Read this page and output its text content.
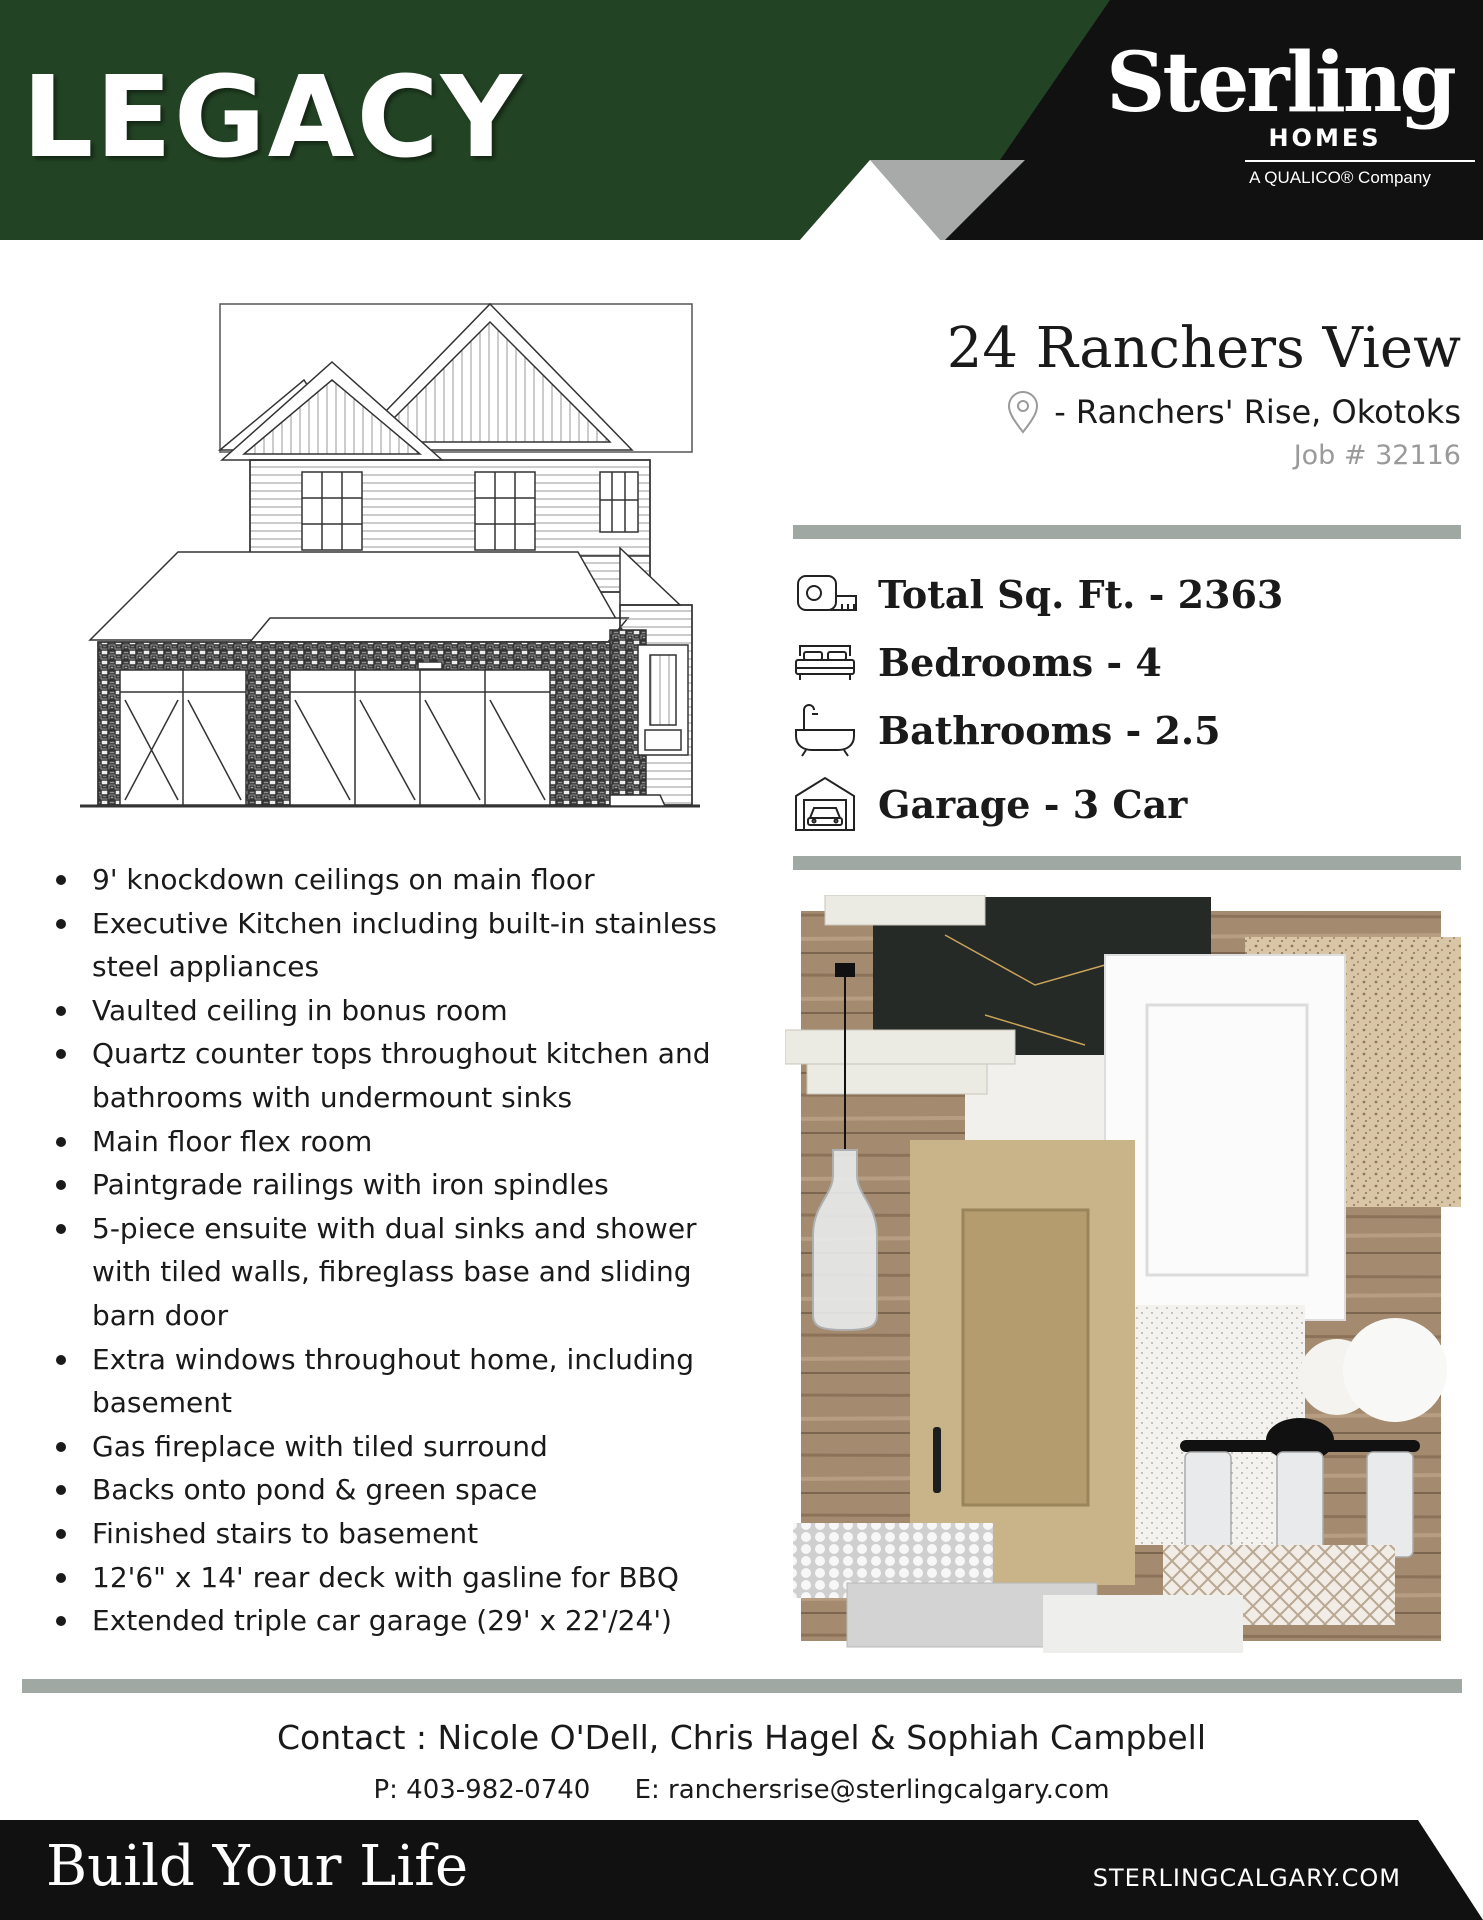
LEGACY	Sterling
HOMES
A QUALICO® Company
24 Ranchers View
- Ranchers' Rise, Okotoks
Job # 32116
Total Sq. Ft. - 2363
Bedrooms - 4
Bathrooms - 2.5
Garage - 3 Car
9' knockdown ceilings on main floor
Executive Kitchen including built-in stainless steel appliances
Vaulted ceiling in bonus room
Quartz counter tops throughout kitchen and bathrooms with undermount sinks
Main floor flex room
Paintgrade railings with iron spindles
5-piece ensuite with dual sinks and shower with tiled walls, fibreglass base and sliding barn door
Extra windows throughout home, including basement
Gas fireplace with tiled surround
Backs onto pond & green space
Finished stairs to basement
12'6" x 14' rear deck with gasline for BBQ
Extended triple car garage (29' x 22'/24')
Contact : Nicole O'Dell, Chris Hagel & Sophiah Campbell
P: 403-982-0740 E: ranchersrise@sterlingcalgary.com
Build Your Life	STERLINGCALGARY.COM
